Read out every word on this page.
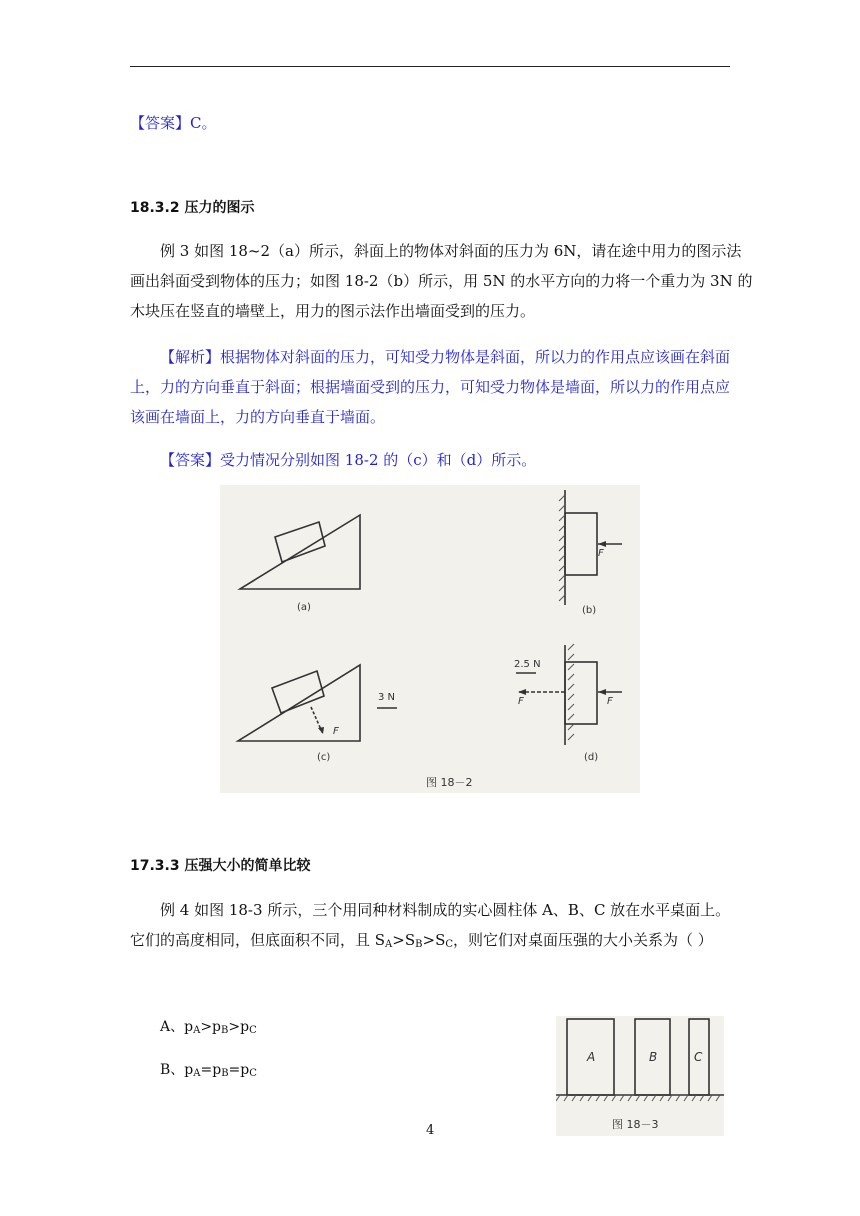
【答案】C。
18.3.2 压力的图示
例 3 如图 18~2（a）所示，斜面上的物体对斜面的压力为 6N，请在途中用力的图示法
画出斜面受到物体的压力；如图 18-2（b）所示，用 5N 的水平方向的力将一个重力为 3N 的
木块压在竖直的墙壁上，用力的图示法作出墙面受到的压力。
【解析】根据物体对斜面的压力，可知受力物体是斜面，所以力的作用点应该画在斜面
上，力的方向垂直于斜面；根据墙面受到的压力，可知受力物体是墙面，所以力的作用点应
该画在墙面上，力的方向垂直于墙面。
【答案】受力情况分别如图 18-2 的（c）和（d）所示。
(a)	(b)
(c)	(d)
F
F
F
F
3 N
2.5 N
图 18－2
17.3.3 压强大小的简单比较
例 4 如图 18-3 所示，三个用同种材料制成的实心圆柱体 A、B、C 放在水平桌面上。
它们的高度相同，但底面积不同，且 $S_A>S_B>S_C$，则它们对桌面压强的大小关系为（ ）
A、$p_A>p_B>p_C$
B、$p_A=p_B=p_C$
A	B	C
图 18－3
4
